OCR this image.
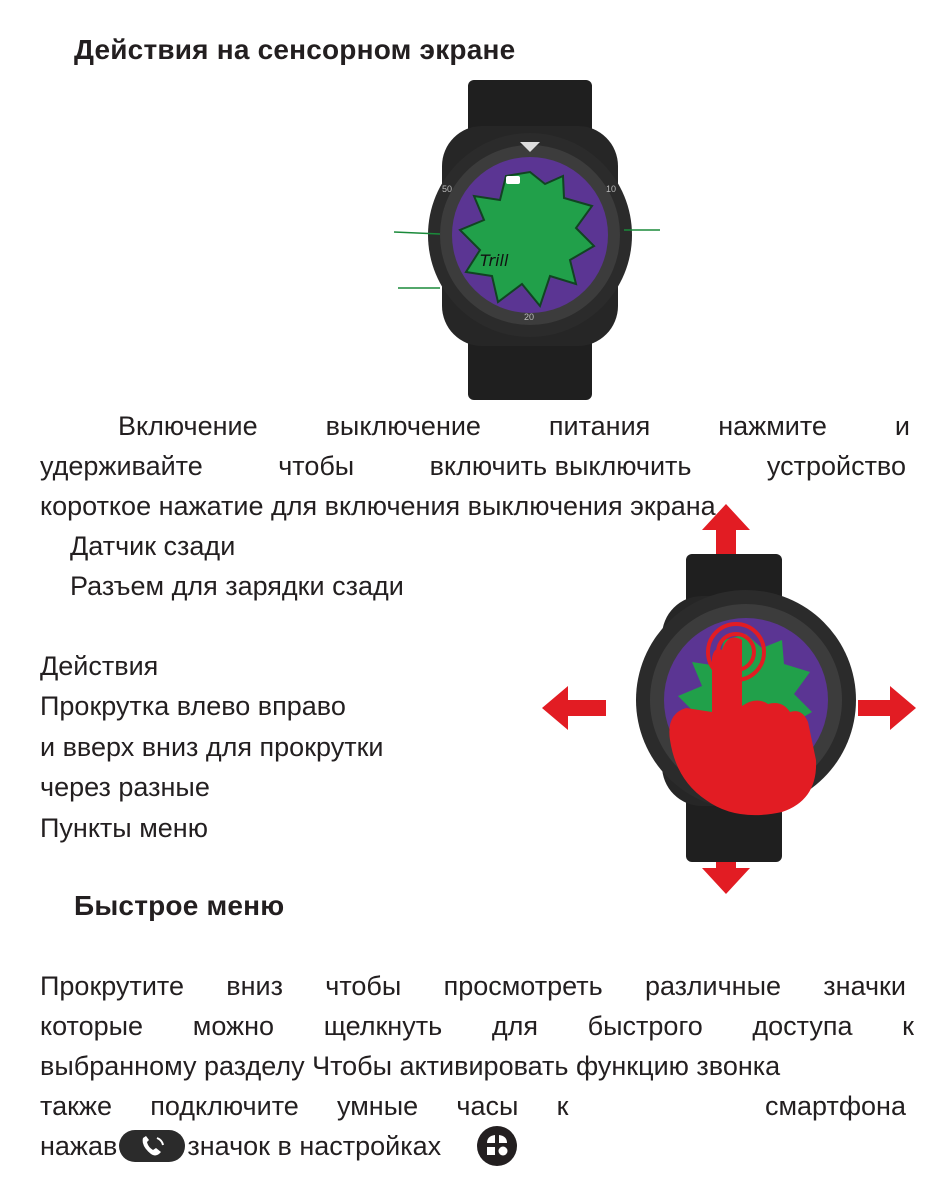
Действия на сенсорном экране
20
50	10
Trill
Включение	выключение	питания	нажмите	и
удерживайте	чтобы	включить выключить	устройство
короткое нажатие для включения выключения экрана
Датчик сзади
Разъем для зарядки сзади
Действия
Прокрутка влево вправо
и вверх вниз для прокрутки
через разные
Пункты меню
Быстрое меню
Прокрутите вниз чтобы просмотреть различные значки
которые можно щелкнуть для быстрого доступа к
выбранному разделу Чтобы активировать функцию звонка
также подключите умные часы к	смартфона
нажав	значок в настройках
